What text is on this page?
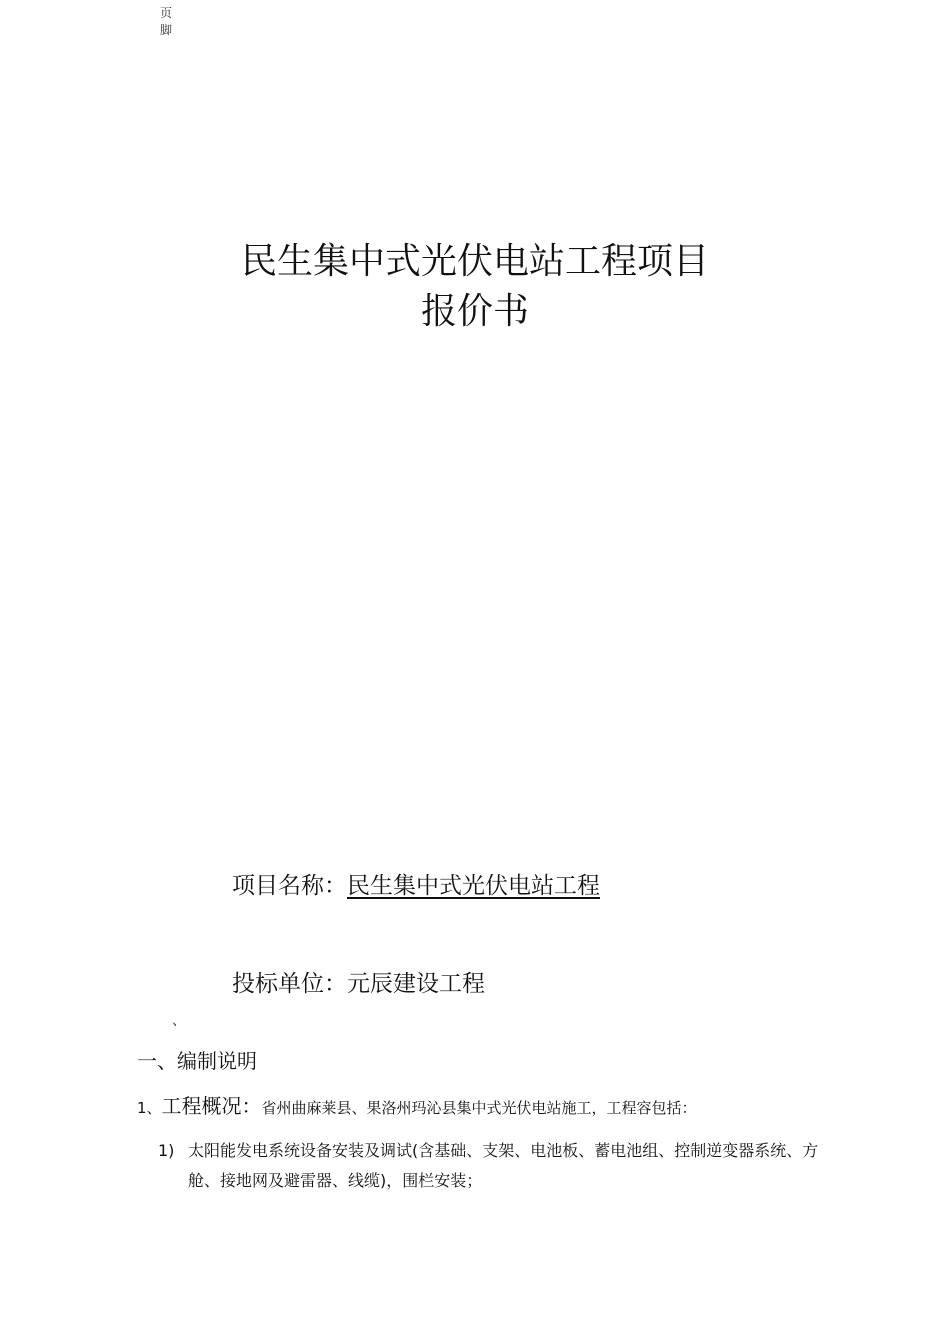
页脚
民生集中式光伏电站工程项目
报价书
项目名称：民生集中式光伏电站工程
投标单位：元辰建设工程
、
一、编制说明
1、工程概况：省州曲麻莱县、果洛州玛沁县集中式光伏电站施工，工程容包括：
1) 太阳能发电系统设备安装及调试(含基础、支架、电池板、蓄电池组、控制逆变器系统、方舱、接地网及避雷器、线缆)，围栏安装；
